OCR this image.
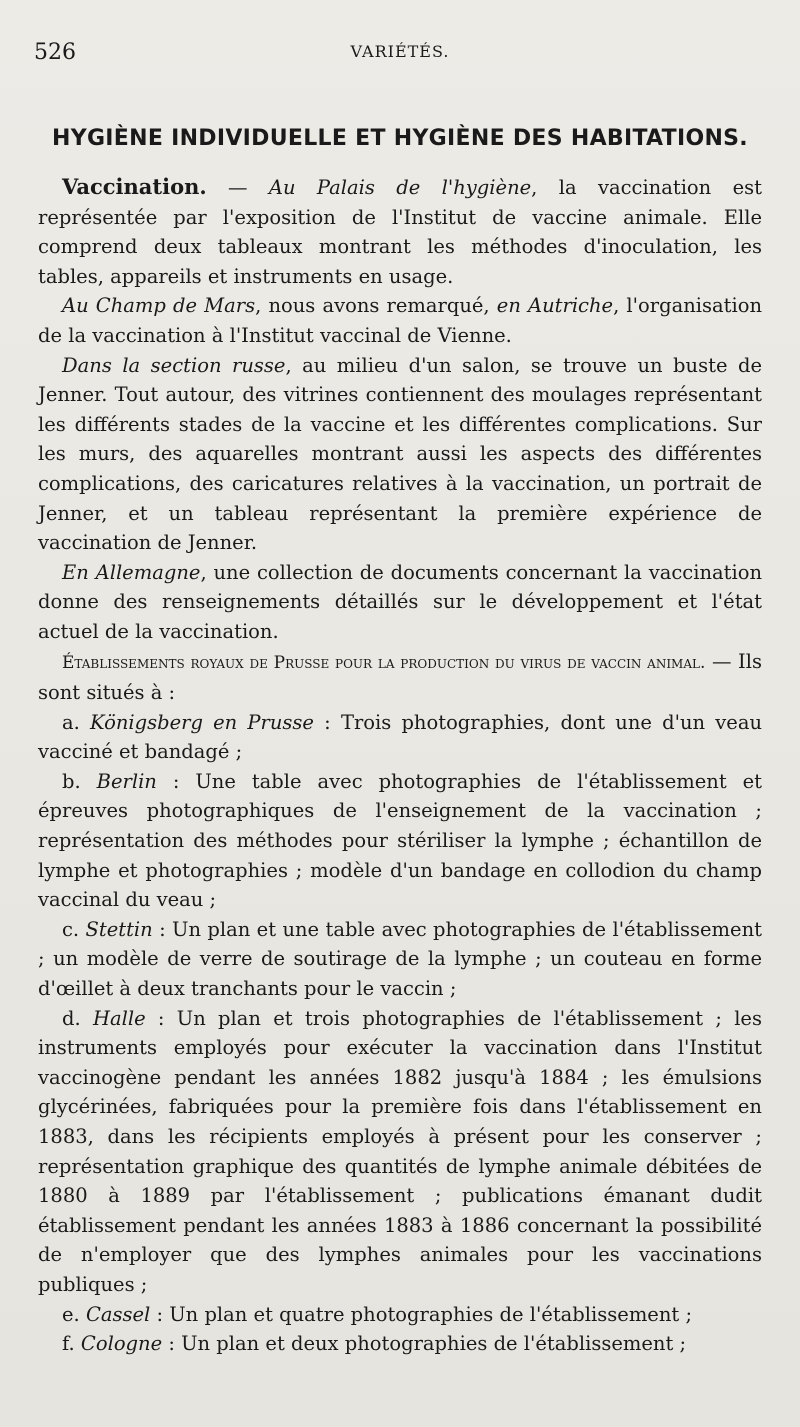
526	VARIÉTÉS.
HYGIÈNE INDIVIDUELLE ET HYGIÈNE DES HABITATIONS.

Vaccination. — Au Palais de l'hygiène, la vaccination est représentée par l'exposition de l'Institut de vaccine animale. Elle comprend deux tableaux montrant les méthodes d'inoculation, les tables, appareils et instruments en usage.

Au Champ de Mars, nous avons remarqué, en Autriche, l'organisation de la vaccination à l'Institut vaccinal de Vienne.

Dans la section russe, au milieu d'un salon, se trouve un buste de Jenner. Tout autour, des vitrines contiennent des moulages représentant les différents stades de la vaccine et les différentes complications. Sur les murs, des aquarelles montrant aussi les aspects des différentes complications, des caricatures relatives à la vaccination, un portrait de Jenner, et un tableau représentant la première expérience de vaccination de Jenner.

En Allemagne, une collection de documents concernant la vaccination donne des renseignements détaillés sur le développement et l'état actuel de la vaccination.

Établissements royaux de Prusse pour la production du virus de vaccin animal. — Ils sont situés à :

a. Königsberg en Prusse : Trois photographies, dont une d'un veau vacciné et bandagé ;

b. Berlin : Une table avec photographies de l'établissement et épreuves photographiques de l'enseignement de la vaccination ; représentation des méthodes pour stériliser la lymphe ; échantillon de lymphe et photographies ; modèle d'un bandage en collodion du champ vaccinal du veau ;

c. Stettin : Un plan et une table avec photographies de l'établissement ; un modèle de verre de soutirage de la lymphe ; un couteau en forme d'œillet à deux tranchants pour le vaccin ;

d. Halle : Un plan et trois photographies de l'établissement ; les instruments employés pour exécuter la vaccination dans l'Institut vaccinogène pendant les années 1882 jusqu'à 1884 ; les émulsions glycérinées, fabriquées pour la première fois dans l'établissement en 1883, dans les récipients employés à présent pour les conserver ; représentation graphique des quantités de lymphe animale débitées de 1880 à 1889 par l'établissement ; publications émanant dudit établissement pendant les années 1883 à 1886 concernant la possibilité de n'employer que des lymphes animales pour les vaccinations publiques ;

e. Cassel : Un plan et quatre photographies de l'établissement ;

f. Cologne : Un plan et deux photographies de l'établissement ;
